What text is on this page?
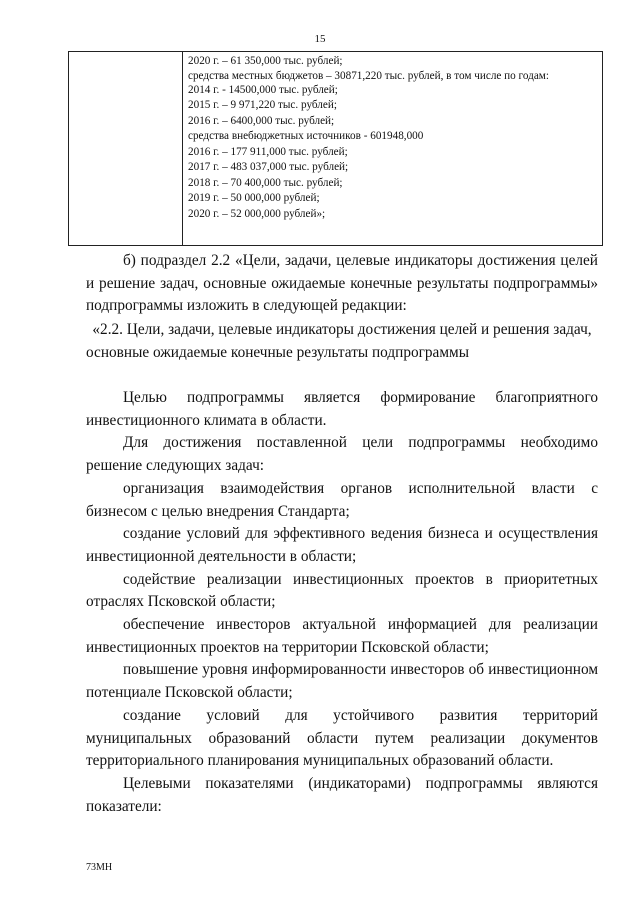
15
2020 г. – 61 350,000 тыс. рублей;
средства местных бюджетов – 30871,220 тыс. рублей, в том числе по годам:
2014 г. - 14500,000 тыс. рублей;
2015 г. – 9 971,220 тыс. рублей;
2016 г. – 6400,000 тыс. рублей;
средства внебюджетных источников - 601948,000
2016 г. – 177 911,000 тыс. рублей;
2017 г. – 483 037,000 тыс. рублей;
2018 г. – 70 400,000 тыс. рублей;
2019 г. – 50 000,000 рублей;
2020 г. – 52 000,000 рублей»;

б) подраздел 2.2 «Цели, задачи, целевые индикаторы достижения целей и решение задач, основные ожидаемые конечные результаты подпрограммы» подпрограммы изложить в следующей редакции:

«2.2. Цели, задачи, целевые индикаторы достижения целей и решения задач, основные ожидаемые конечные результаты подпрограммы

Целью подпрограммы является формирование благоприятного инвестиционного климата в области.

Для достижения поставленной цели подпрограммы необходимо решение следующих задач:

организация взаимодействия органов исполнительной власти с бизнесом с целью внедрения Стандарта;

создание условий для эффективного ведения бизнеса и осуществления инвестиционной деятельности в области;

содействие реализации инвестиционных проектов в приоритетных отраслях Псковской области;

обеспечение инвесторов актуальной информацией для реализации инвестиционных проектов на территории Псковской области;

повышение уровня информированности инвесторов об инвестиционном потенциале Псковской области;

создание условий для устойчивого развития территорий муниципальных образований области путем реализации документов территориального планирования муниципальных образований области.

Целевыми показателями (индикаторами) подпрограммы являются показатели:

73МН
